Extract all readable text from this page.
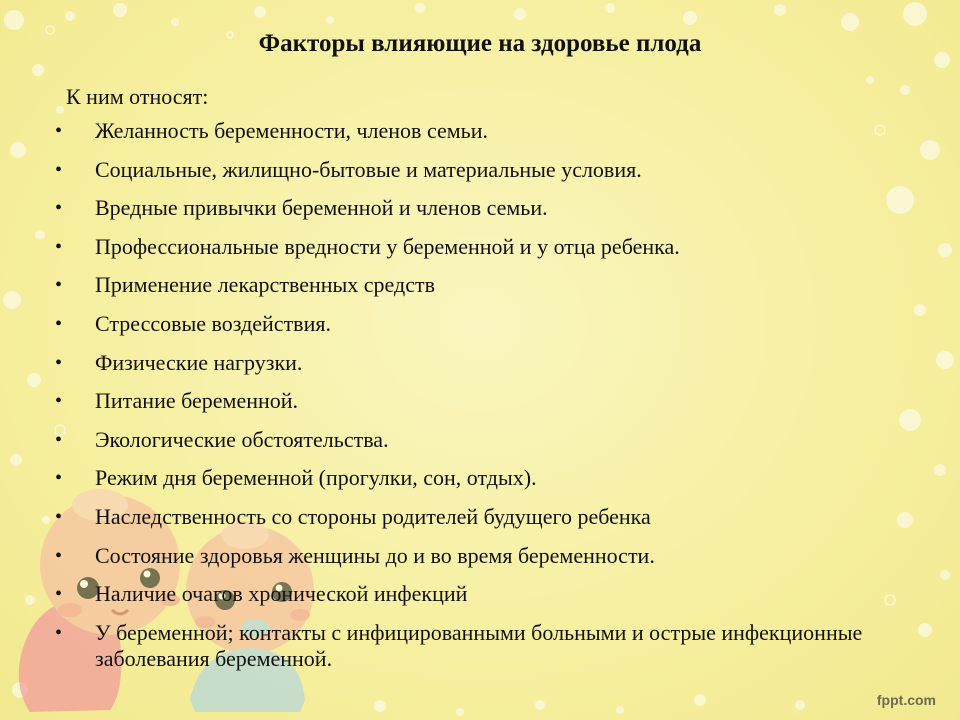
Факторы влияющие на здоровье плода
К ним относят:
• Желанность беременности, членов семьи.
• Социальные, жилищно-бытовые и материальные условия.
• Вредные привычки беременной и членов семьи.
• Профессиональные вредности у беременной и у отца ребенка.
• Применение лекарственных средств
• Стрессовые воздействия.
• Физические нагрузки.
• Питание беременной.
• Экологические обстоятельства.
• Режим дня беременной (прогулки, сон, отдых).
• Наследственность со стороны родителей будущего ребенка
• Состояние здоровья женщины до и во время беременности.
• Наличие очагов хронической инфекций
• У беременной; контакты с инфицированными больными и острые инфекционные заболевания беременной.
fppt.com
